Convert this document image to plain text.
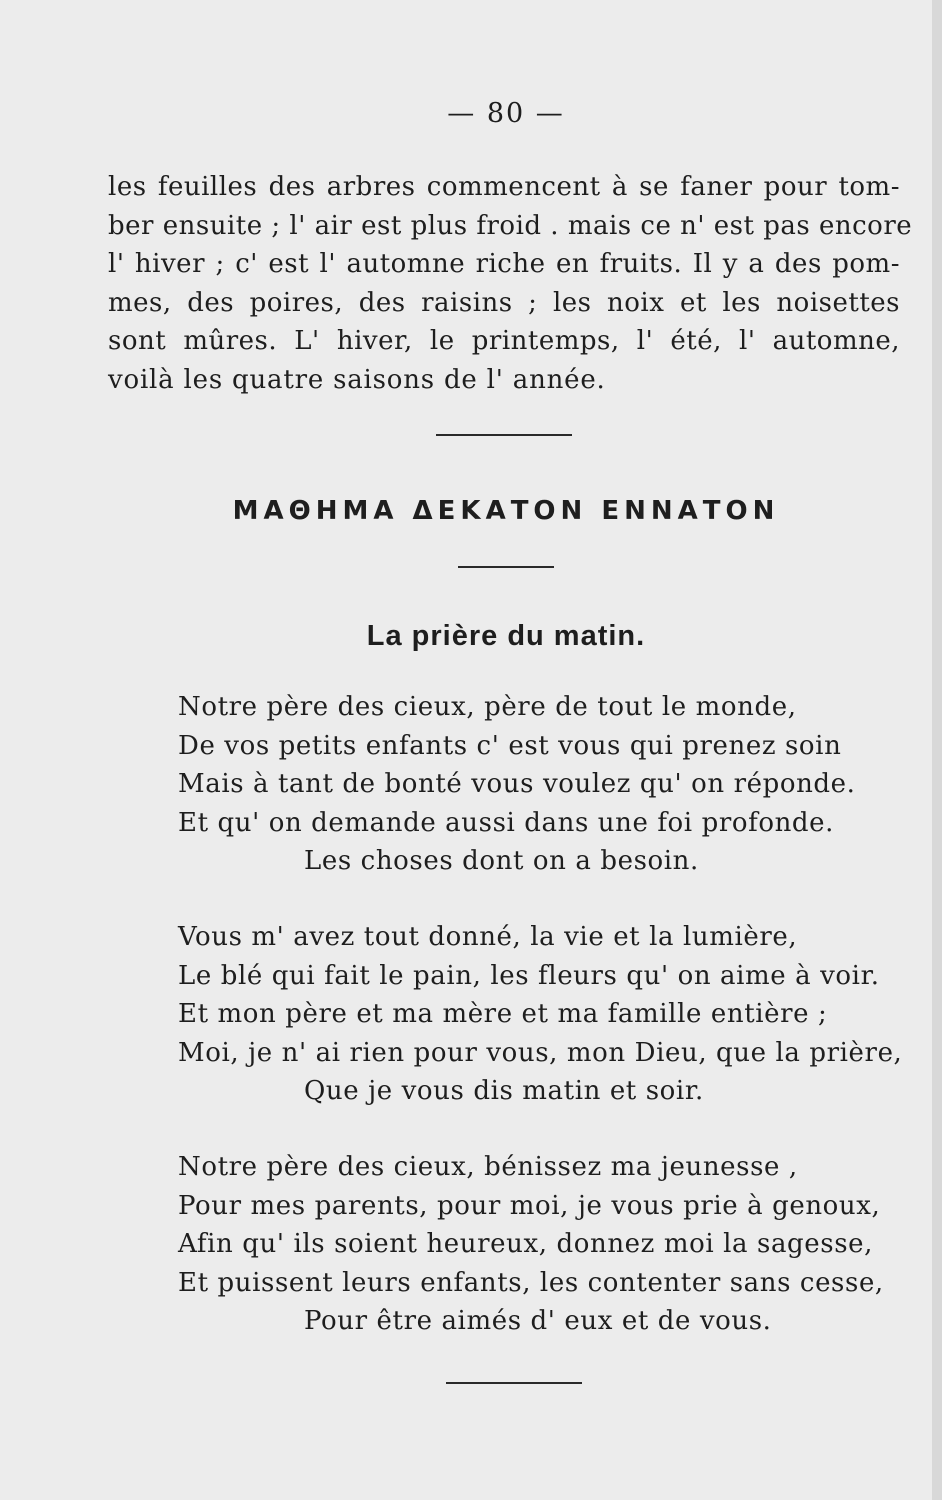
— 80 —
les feuilles des arbres commencent à se faner pour tom-
ber ensuite ; l' air est plus froid . mais ce n' est pas encore
l' hiver ; c' est l' automne riche en fruits. Il y a des pom-
mes, des poires, des raisins ; les noix et les noisettes
sont mûres. L' hiver, le printemps, l' été, l' automne,
voilà les quatre saisons de l' année.
ΜΑΘΗΜΑ ΔΕΚΑΤΟΝ ΕΝΝΑΤΟΝ
La prière du matin.
Notre père des cieux, père de tout le monde,
De vos petits enfants c' est vous qui prenez soin
Mais à tant de bonté vous voulez qu' on réponde.
Et qu' on demande aussi dans une foi profonde.
Les choses dont on a besoin.
Vous m' avez tout donné, la vie et la lumière,
Le blé qui fait le pain, les fleurs qu' on aime à voir.
Et mon père et ma mère et ma famille entière ;
Moi, je n' ai rien pour vous, mon Dieu, que la prière,
Que je vous dis matin et soir.
Notre père des cieux, bénissez ma jeunesse ,
Pour mes parents, pour moi, je vous prie à genoux,
Afin qu' ils soient heureux, donnez moi la sagesse,
Et puissent leurs enfants, les contenter sans cesse,
Pour être aimés d' eux et de vous.
